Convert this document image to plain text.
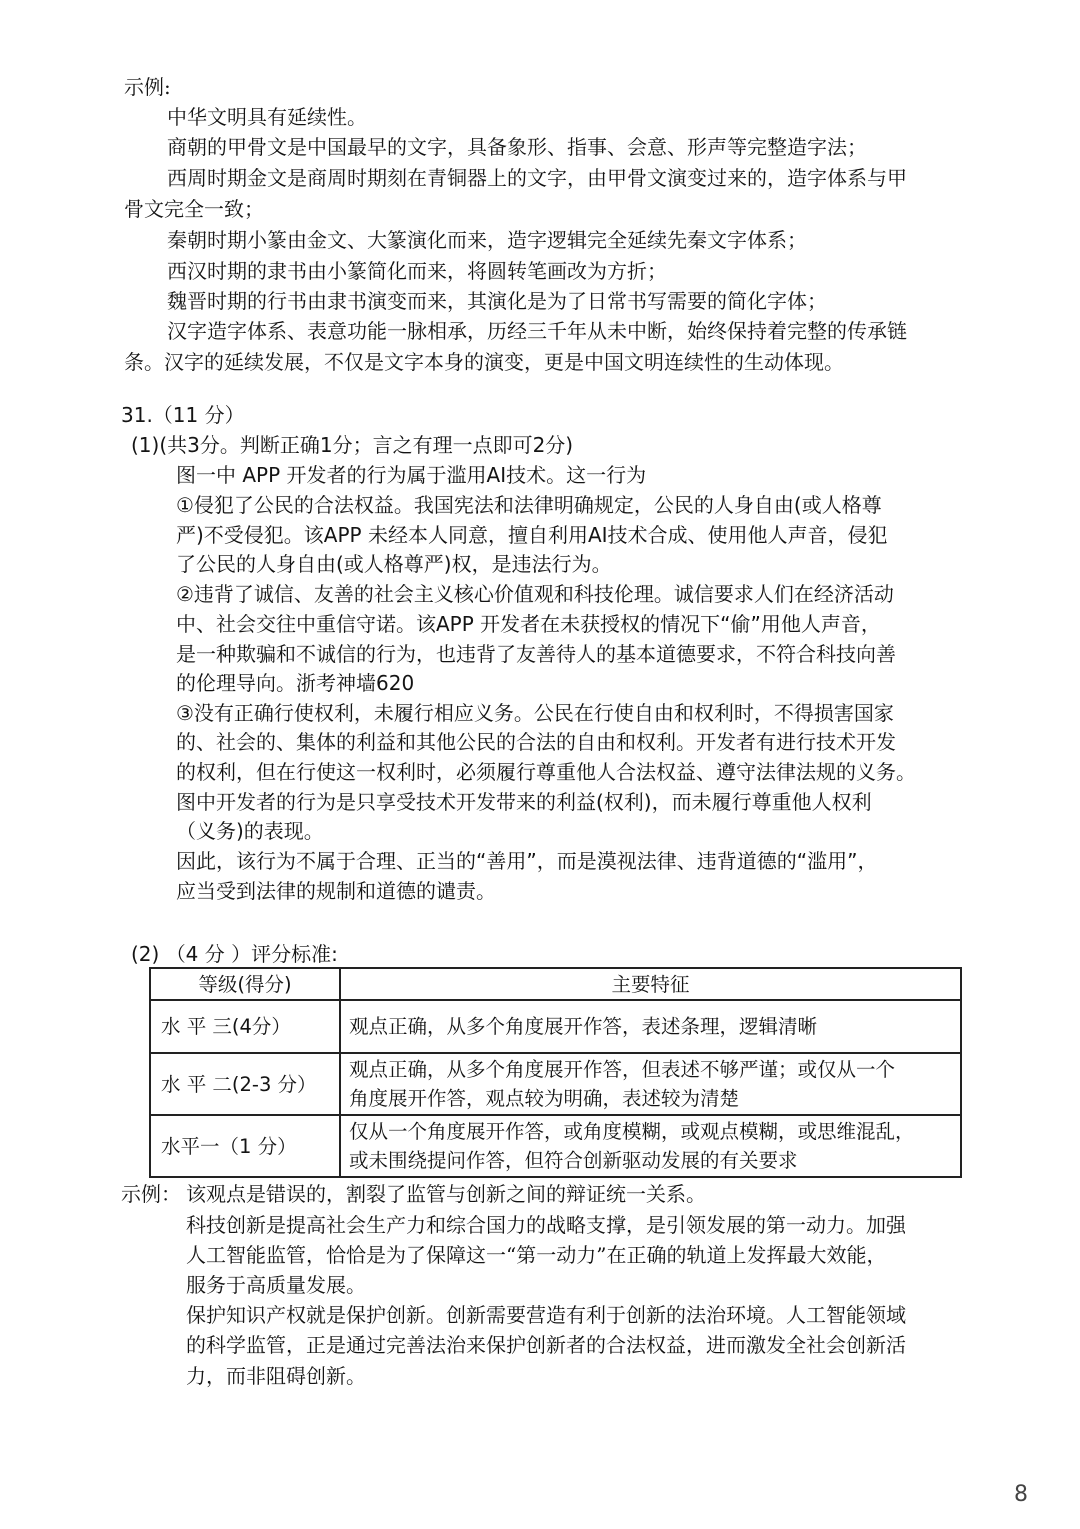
示例:
中华文明具有延续性。
商朝的甲骨文是中国最早的文字，具备象形、指事、会意、形声等完整造字法；
西周时期金文是商周时期刻在青铜器上的文字，由甲骨文演变过来的，造字体系与甲
骨文完全一致；
秦朝时期小篆由金文、大篆演化而来，造字逻辑完全延续先秦文字体系；
西汉时期的隶书由小篆简化而来，将圆转笔画改为方折；
魏晋时期的行书由隶书演变而来，其演化是为了日常书写需要的简化字体；
汉字造字体系、表意功能一脉相承，历经三千年从未中断，始终保持着完整的传承链
条。汉字的延续发展，不仅是文字本身的演变，更是中国文明连续性的生动体现。
31.（11 分）
(1)(共3分。判断正确1分；言之有理一点即可2分)
图一中 APP 开发者的行为属于滥用AI技术。这一行为
①侵犯了公民的合法权益。我国宪法和法律明确规定，公民的人身自由(或人格尊
严)不受侵犯。该APP 未经本人同意，擅自利用AI技术合成、使用他人声音，侵犯
了公民的人身自由(或人格尊严)权，是违法行为。
②违背了诚信、友善的社会主义核心价值观和科技伦理。诚信要求人们在经济活动
中、社会交往中重信守诺。该APP 开发者在未获授权的情况下“偷”用他人声音，
是一种欺骗和不诚信的行为，也违背了友善待人的基本道德要求，不符合科技向善
的伦理导向。浙考神墙620
③没有正确行使权利，未履行相应义务。公民在行使自由和权利时，不得损害国家
的、社会的、集体的利益和其他公民的合法的自由和权利。开发者有进行技术开发
的权利，但在行使这一权利时，必须履行尊重他人合法权益、遵守法律法规的义务。
图中开发者的行为是只享受技术开发带来的利益(权利)，而未履行尊重他人权利
（义务)的表现。
因此，该行为不属于合理、正当的“善用”，而是漠视法律、违背道德的“滥用”，
应当受到法律的规制和道德的谴责。
(2) （4 分 ）评分标准:
等级(得分)	主要特征
水 平 三(4分）	观点正确，从多个角度展开作答，表述条理，逻辑清晰

水 平 二(2-3 分）	观点正确，从多个角度展开作答，但表述不够严谨；或仅从一个
角度展开作答，观点较为明确，表述较为清楚

水平一（1 分）	仅从一个角度展开作答，或角度模糊，或观点模糊，或思维混乱，
或未围绕提问作答，但符合创新驱动发展的有关要求
示例： 该观点是错误的，割裂了监管与创新之间的辩证统一关系。
科技创新是提高社会生产力和综合国力的战略支撑，是引领发展的第一动力。加强
人工智能监管，恰恰是为了保障这一“第一动力”在正确的轨道上发挥最大效能，
服务于高质量发展。
保护知识产权就是保护创新。创新需要营造有利于创新的法治环境。人工智能领域
的科学监管，正是通过完善法治来保护创新者的合法权益，进而激发全社会创新活
力，而非阻碍创新。
8
